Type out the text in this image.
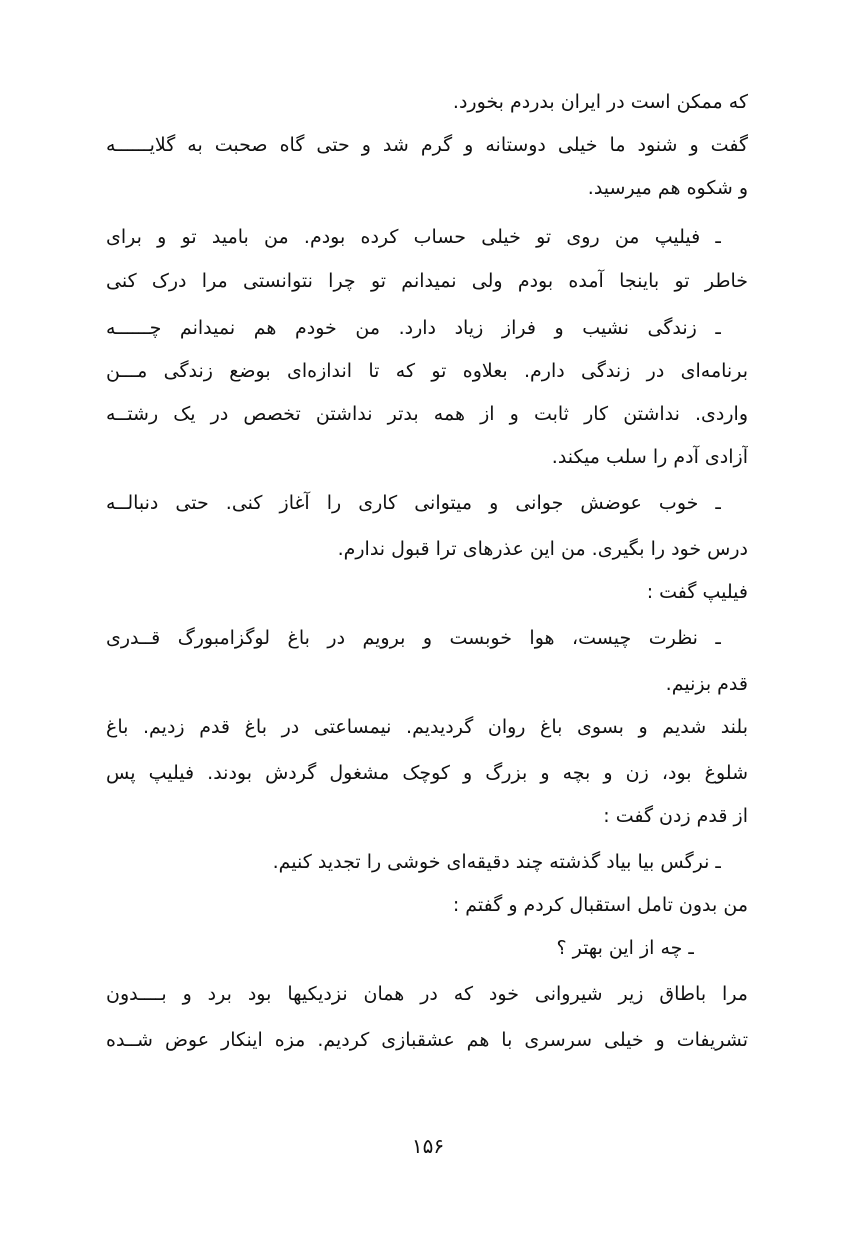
که ممکن است در ایران بدردم بخورد.
گفت و شنود ما خیلی دوستانه و گرم شد و حتی گاه صحبت به گلایــــــه
و شکوه هم میرسید.
ـ فیلیپ من روی تو خیلی حساب کرده بودم. من بامید تو و برای
خاطر تو باینجا آمده بودم ولی نمیدانم تو چرا نتوانستی مرا درک کنی
ـ زندگی نشیب و فراز زیاد دارد. من خودم هم نمیدانم چــــــه
برنامه‌ای در زندگی دارم. بعلاوه تو که تا اندازه‌ای بوضع زندگی مـــن
واردی. نداشتن کار ثابت و از همه بدتر نداشتن تخصص در یک رشتــه
آزادی آدم را سلب میکند.
ـ خوب عوضش جوانی و میتوانی کاری را آغاز کنی. حتی دنبالــه
درس خود را بگیری. من این عذرهای ترا قبول ندارم.
فیلیپ گفت :
ـ نظرت چیست، هوا خوبست و برویم در باغ لوگزامبورگ قــدری
قدم بزنیم.
بلند شدیم و بسوی باغ روان گردیدیم. نیمساعتی در باغ قدم زدیم. باغ
شلوغ بود، زن و بچه و بزرگ و کوچک مشغول گردش بودند. فیلیپ پس
از قدم زدن گفت :
ـ نرگس بیا بیاد گذشته چند دقیقه‌ای خوشی را تجدید کنیم.
من بدون تامل استقبال کردم و گفتم :
ـ چه از این بهتر ؟
مرا باطاق زیر شیروانی خود که در همان نزدیکیها بود برد و بــــدون
تشریفات و خیلی سرسری با هم عشقبازی کردیم. مزه اینکار عوض شــده
۱۵۶
